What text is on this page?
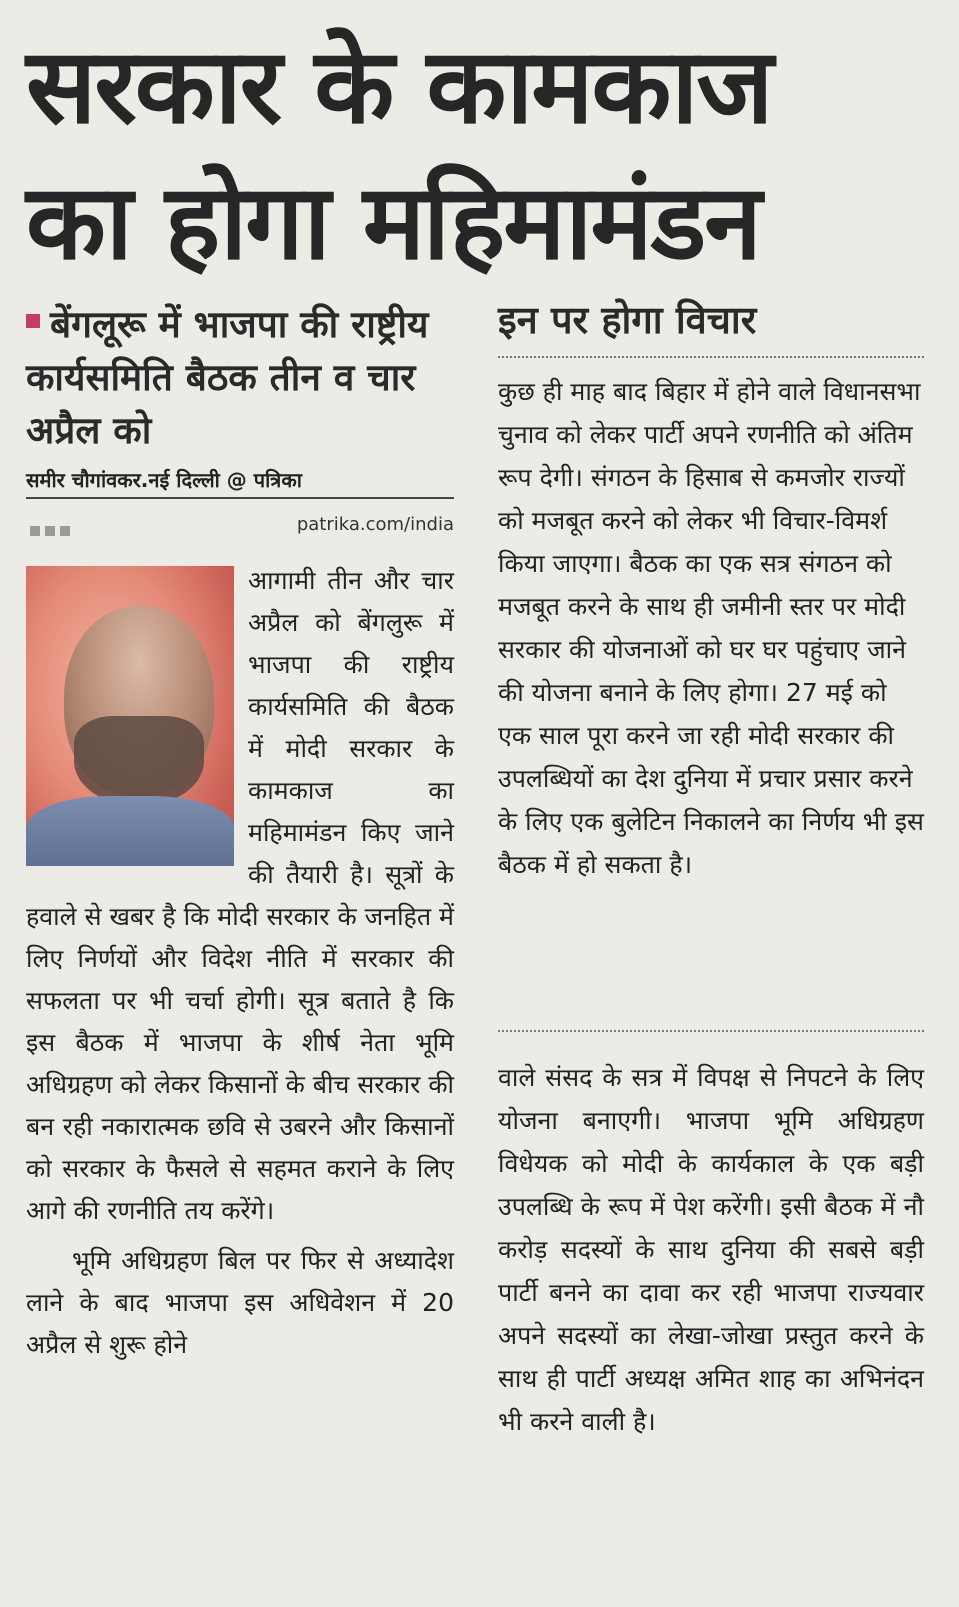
सरकार के कामकाज
का होगा महिमामंडन
बेंगलूरू में भाजपा की राष्ट्रीय कार्यसमिति बैठक तीन व चार अप्रैल को
समीर चौगांवकर.नई दिल्ली @ पत्रिका
patrika.com/india

आगामी तीन और चार अप्रैल को बेंगलुरू में भाजपा की राष्ट्रीय कार्यसमिति की बैठक में मोदी सरकार के कामकाज का महिमामंडन किए जाने की तैयारी है। सूत्रों के हवाले से खबर है कि मोदी सरकार के जनहित में लिए निर्णयों और विदेश नीति में सरकार की सफलता पर भी चर्चा होगी। सूत्र बताते है कि इस बैठक में भाजपा के शीर्ष नेता भूमि अधिग्रहण को लेकर किसानों के बीच सरकार की बन रही नकारात्मक छवि से उबरने और किसानों को सरकार के फैसले से सहमत कराने के लिए आगे की रणनीति तय करेंगे।

भूमि अधिग्रहण बिल पर फिर से अध्यादेश लाने के बाद भाजपा इस अधिवेशन में 20 अप्रैल से शुरू होने

इन पर होगा विचार

कुछ ही माह बाद बिहार में होने वाले विधानसभा चुनाव को लेकर पार्टी अपने रणनीति को अंतिम रूप देगी। संगठन के हिसाब से कमजोर राज्यों को मजबूत करने को लेकर भी विचार-विमर्श किया जाएगा। बैठक का एक सत्र संगठन को मजबूत करने के साथ ही जमीनी स्तर पर मोदी सरकार की योजनाओं को घर घर पहुंचाए जाने की योजना बनाने के लिए होगा। 27 मई को एक साल पूरा करने जा रही मोदी सरकार की उपलब्धियों का देश दुनिया में प्रचार प्रसार करने के लिए एक बुलेटिन निकालने का निर्णय भी इस बैठक में हो सकता है।

वाले संसद के सत्र में विपक्ष से निपटने के लिए योजना बनाएगी। भाजपा भूमि अधिग्रहण विधेयक को मोदी के कार्यकाल के एक बड़ी उपलब्धि के रूप में पेश करेंगी। इसी बैठक में नौ करोड़ सदस्यों के साथ दुनिया की सबसे बड़ी पार्टी बनने का दावा कर रही भाजपा राज्यवार अपने सदस्यों का लेखा-जोखा प्रस्तुत करने के साथ ही पार्टी अध्यक्ष अमित शाह का अभिनंदन भी करने वाली है।
